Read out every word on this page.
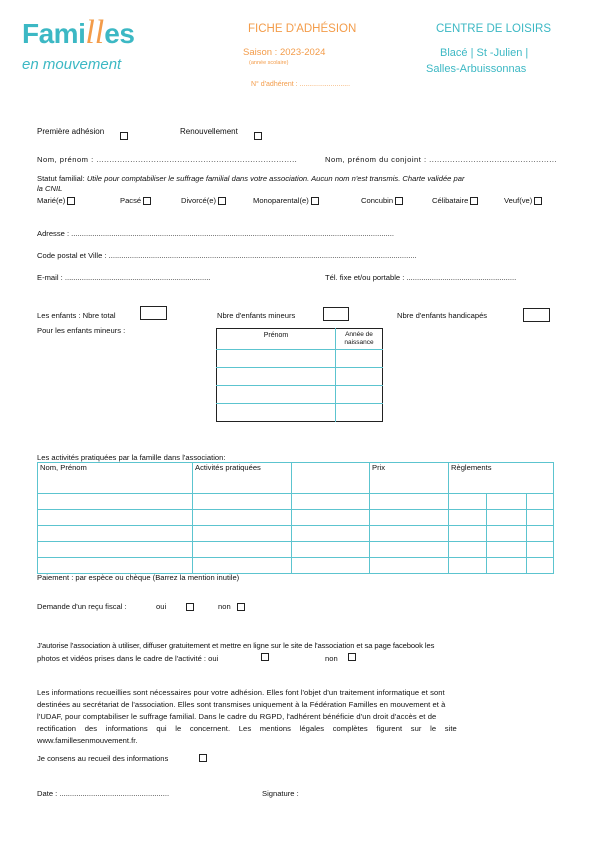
Familles
en mouvement
FICHE D'ADHÉSION
Saison : 2023-2024
(année scolaire)
N° d'adhérent : ..........................
CENTRE DE LOISIRS
Blacé | St -Julien |
Salles-Arbuissonnas
Première adhésion	Renouvellement
Nom, prénom : .............................................................................	Nom, prénom du conjoint : .................................................
Statut familial: Utile pour comptabiliser le suffrage familial dans votre association. Aucun nom n'est transmis. Charte validée par
la CNIL
Marié(e)	Pacsé	Divorcé(e)	Monoparental(e)	Concubin	Célibataire	Veuf(ve)
Adresse : .........................................................................................................................................................
Code postal et Ville : ..................................................................................................................................................
E-mail : .....................................................................	Tél. fixe et/ou portable : ....................................................
Les enfants : Nbre total	Nbre d'enfants mineurs	Nbre d'enfants handicapés
Pour les enfants mineurs :
Prénom	Année de
naissance

Les activités pratiquées par la famille dans l'association:
Nom, Prénom	Activités pratiquées		Prix	Règlements		

Paiement : par espèce ou chèque (Barrez la mention inutile)
Demande d'un reçu fiscal :	oui	non
J'autorise l'association à utiliser, diffuser gratuitement et mettre en ligne sur le site de l'association et sa page facebook les
photos et vidéos prises dans le cadre de l'activité : oui	non
Les informations recueillies sont nécessaires pour votre adhésion. Elles font l'objet d'un traitement informatique et sont
destinées au secrétariat de l'association. Elles sont transmises uniquement à la Fédération Familles en mouvement et à
l'UDAF, pour comptabiliser le suffrage familial. Dans le cadre du RGPD, l'adhérent bénéficie d'un droit d'accès et de
rectification    des    informations    qui    le    concernent.    Les    mentions    légales    complètes    figurent    sur    le    site
www.famillesenmouvement.fr.
Je consens au recueil des informations
Date : ....................................................	Signature :
